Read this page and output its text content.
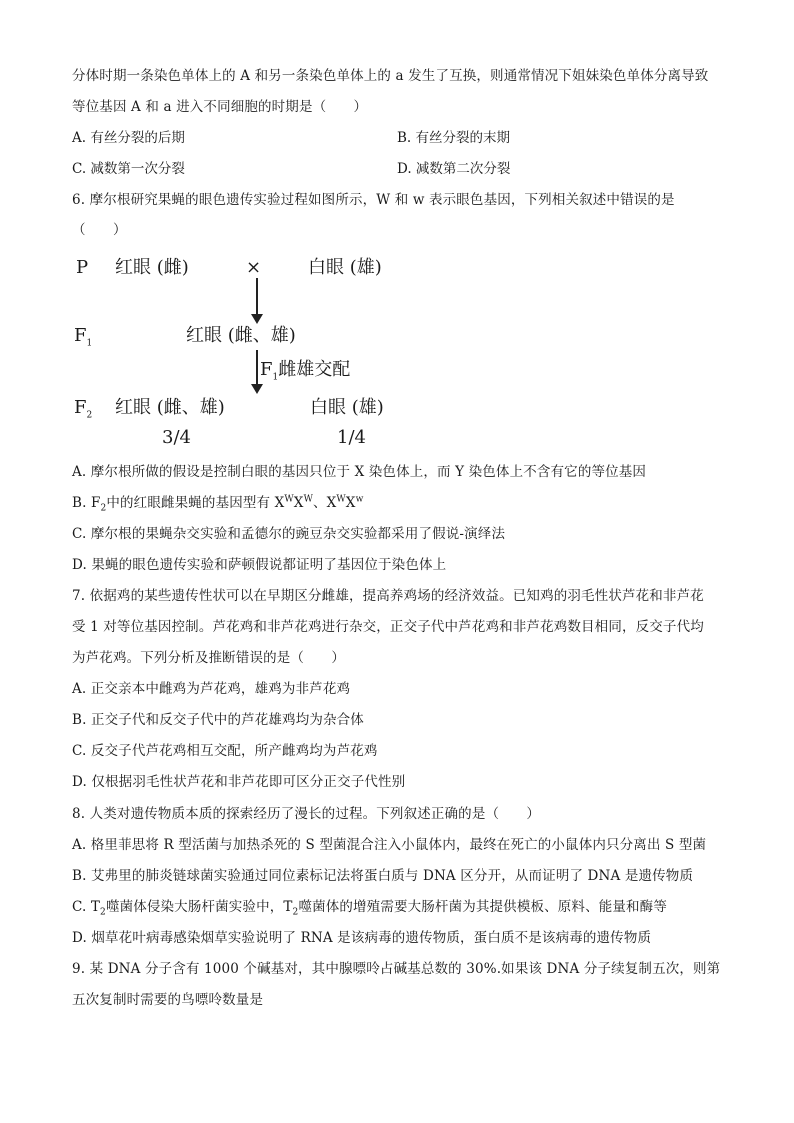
分体时期一条染色单体上的 A 和另一条染色单体上的 a 发生了互换，则通常情况下姐妹染色单体分离导致
等位基因 A 和 a 进入不同细胞的时期是（　　）
A. 有丝分裂的后期	B. 有丝分裂的末期
C. 减数第一次分裂	D. 减数第二次分裂
6. 摩尔根研究果蝇的眼色遗传实验过程如图所示，W 和 w 表示眼色基因，下列相关叙述中错误的是
（　　）
P 红眼 (雌)	×	白眼 (雄)
$F_1$	红眼 (雌、雄)
$F_1$雌雄交配
$F_2$ 红眼 (雌、雄)	白眼 (雄)
3/4	1/4
A. 摩尔根所做的假设是控制白眼的基因只位于 X 染色体上，而 Y 染色体上不含有它的等位基因
B. $F_2$中的红眼雌果蝇的基因型有 $X^WX^W$、$X^WX^w$
C. 摩尔根的果蝇杂交实验和孟德尔的豌豆杂交实验都采用了假说-演绎法
D. 果蝇的眼色遗传实验和萨顿假说都证明了基因位于染色体上
7. 依据鸡的某些遗传性状可以在早期区分雌雄，提高养鸡场的经济效益。已知鸡的羽毛性状芦花和非芦花
受 1 对等位基因控制。芦花鸡和非芦花鸡进行杂交，正交子代中芦花鸡和非芦花鸡数目相同，反交子代均
为芦花鸡。下列分析及推断错误的是（　　）
A. 正交亲本中雌鸡为芦花鸡，雄鸡为非芦花鸡
B. 正交子代和反交子代中的芦花雄鸡均为杂合体
C. 反交子代芦花鸡相互交配，所产雌鸡均为芦花鸡
D. 仅根据羽毛性状芦花和非芦花即可区分正交子代性别
8. 人类对遗传物质本质的探索经历了漫长的过程。下列叙述正确的是（　　）
A. 格里菲思将 R 型活菌与加热杀死的 S 型菌混合注入小鼠体内，最终在死亡的小鼠体内只分离出 S 型菌
B. 艾弗里的肺炎链球菌实验通过同位素标记法将蛋白质与 DNA 区分开，从而证明了 DNA 是遗传物质
C. $T_2$噬菌体侵染大肠杆菌实验中，$T_2$噬菌体的增殖需要大肠杆菌为其提供模板、原料、能量和酶等
D. 烟草花叶病毒感染烟草实验说明了 RNA 是该病毒的遗传物质，蛋白质不是该病毒的遗传物质
9. 某 DNA 分子含有 1000 个碱基对，其中腺嘌呤占碱基总数的 30%.如果该 DNA 分子续复制五次，则第
五次复制时需要的鸟嘌呤数量是
